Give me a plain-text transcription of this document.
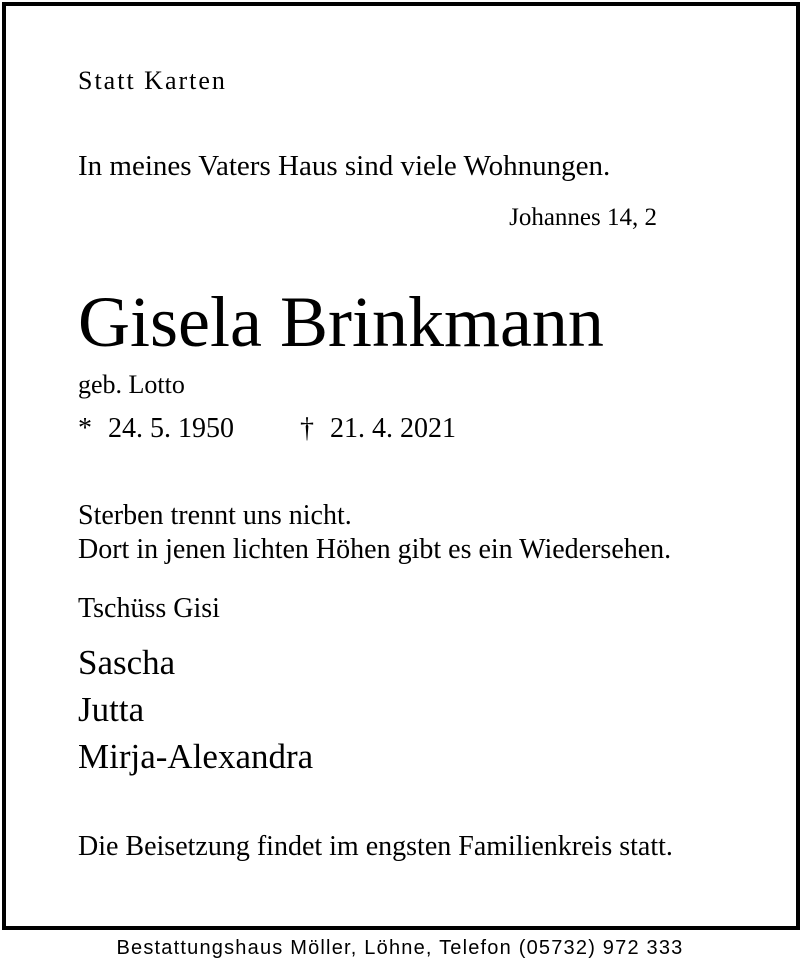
Statt Karten
In meines Vaters Haus sind viele Wohnungen.
Johannes 14, 2
Gisela Brinkmann
geb. Lotto
* 24. 5. 1950 † 21. 4. 2021
Sterben trennt uns nicht.
Dort in jenen lichten Höhen gibt es ein Wiedersehen.
Tschüss Gisi
Sascha
Jutta
Mirja-Alexandra
Die Beisetzung findet im engsten Familienkreis statt.
Bestattungshaus Möller, Löhne, Telefon (05732) 972 333
